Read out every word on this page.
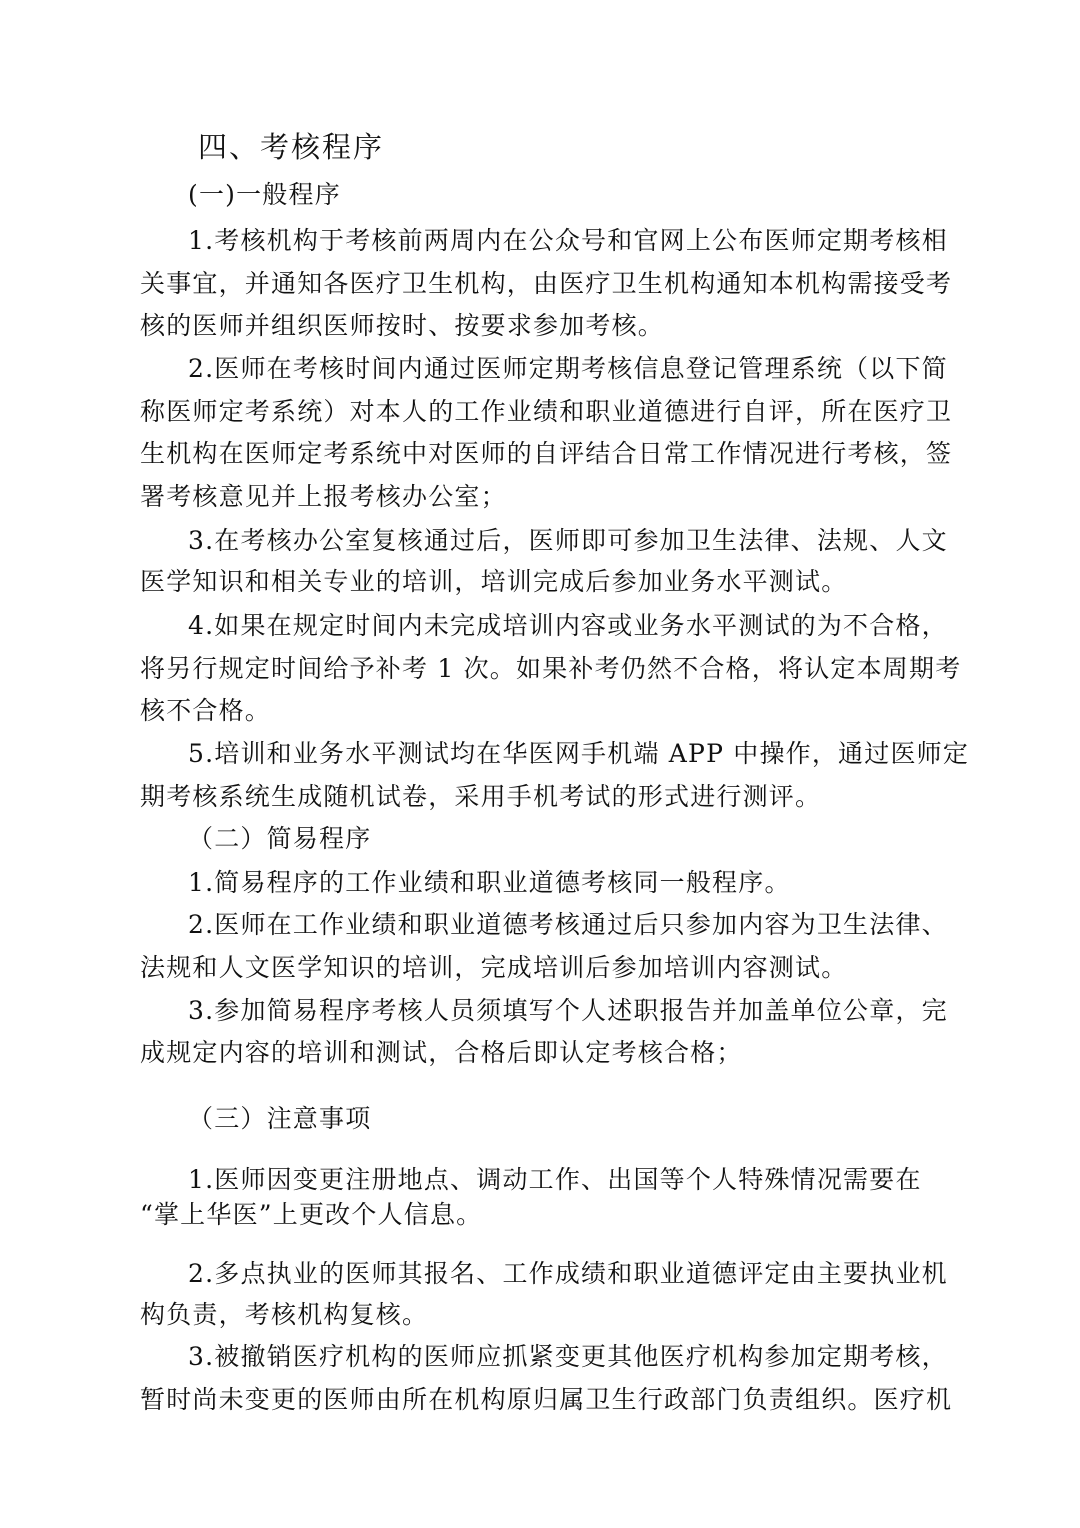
四、考核程序
(一)一般程序
1.考核机构于考核前两周内在公众号和官网上公布医师定期考核相
关事宜，并通知各医疗卫生机构，由医疗卫生机构通知本机构需接受考
核的医师并组织医师按时、按要求参加考核。
2.医师在考核时间内通过医师定期考核信息登记管理系统（以下简
称医师定考系统）对本人的工作业绩和职业道德进行自评，所在医疗卫
生机构在医师定考系统中对医师的自评结合日常工作情况进行考核，签
署考核意见并上报考核办公室；
3.在考核办公室复核通过后，医师即可参加卫生法律、法规、人文
医学知识和相关专业的培训，培训完成后参加业务水平测试。
4.如果在规定时间内未完成培训内容或业务水平测试的为不合格，
将另行规定时间给予补考 1 次。如果补考仍然不合格，将认定本周期考
核不合格。
5.培训和业务水平测试均在华医网手机端 APP 中操作，通过医师定
期考核系统生成随机试卷，采用手机考试的形式进行测评。
（二）简易程序
1.简易程序的工作业绩和职业道德考核同一般程序。
2.医师在工作业绩和职业道德考核通过后只参加内容为卫生法律、
法规和人文医学知识的培训，完成培训后参加培训内容测试。
3.参加简易程序考核人员须填写个人述职报告并加盖单位公章，完
成规定内容的培训和测试，合格后即认定考核合格；
（三）注意事项
1.医师因变更注册地点、调动工作、出国等个人特殊情况需要在
“掌上华医”上更改个人信息。
2.多点执业的医师其报名、工作成绩和职业道德评定由主要执业机
构负责，考核机构复核。
3.被撤销医疗机构的医师应抓紧变更其他医疗机构参加定期考核，
暂时尚未变更的医师由所在机构原归属卫生行政部门负责组织。医疗机
